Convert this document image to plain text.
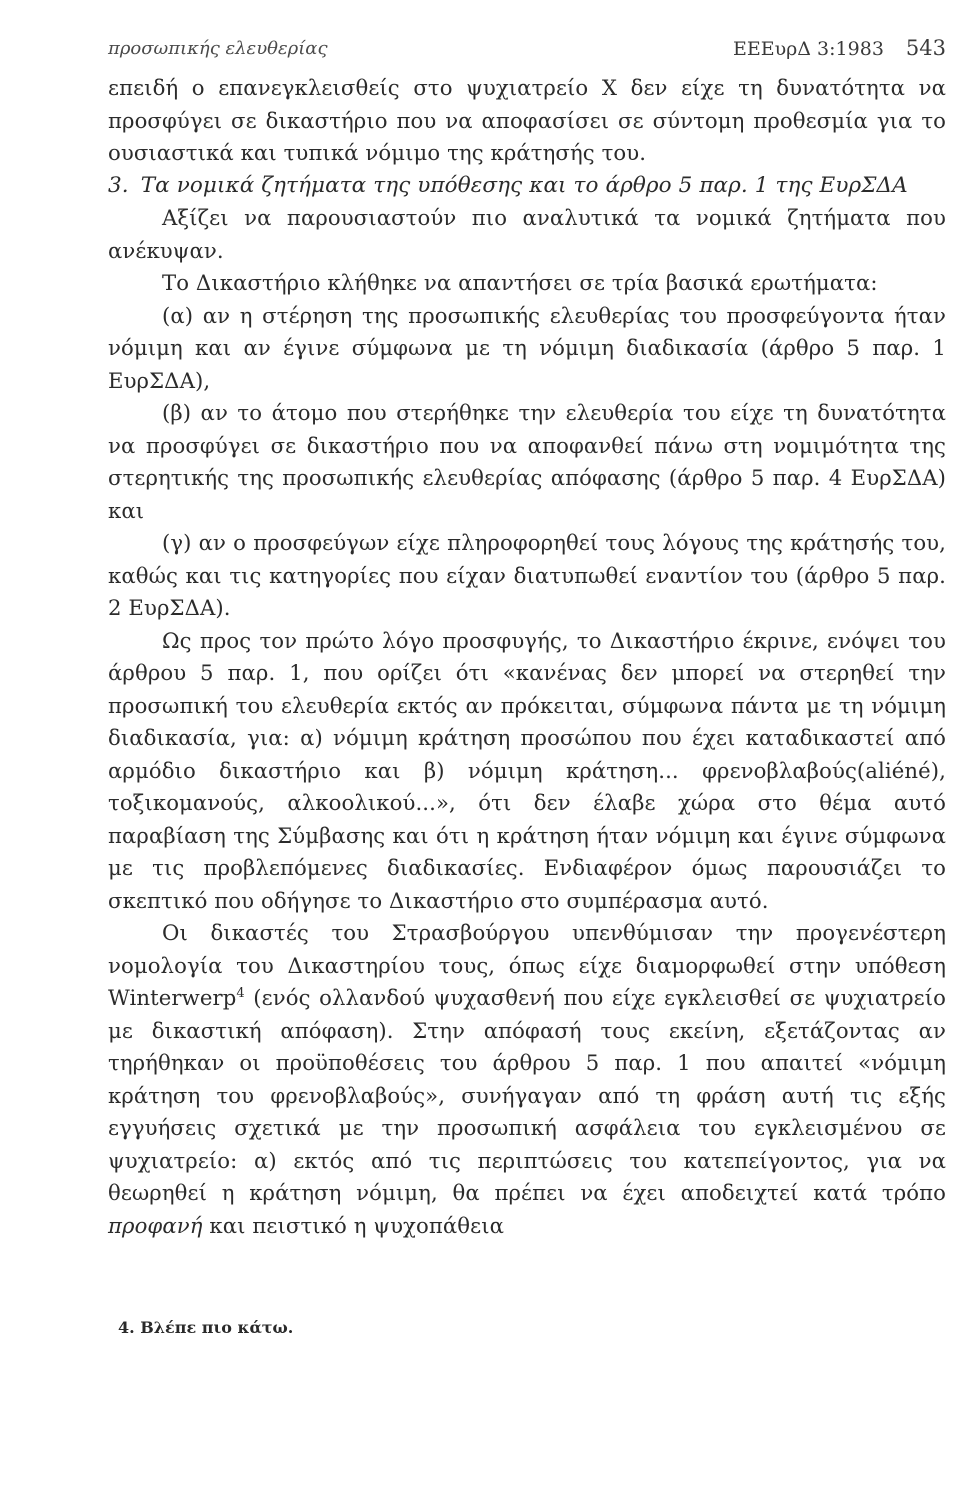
προσωπικής ελευθερίας	ΕΕΕυρΔ 3:1983 543

επειδή ο επανεγκλεισθείς στο ψυχιατρείο Χ δεν είχε τη δυνατότητα να προσφύγει σε δικαστήριο που να αποφασίσει σε σύντομη προθεσμία για το ουσιαστικά και τυπικά νόμιμο της κράτησής του.

3. Τα νομικά ζητήματα της υπόθεσης και το άρθρο 5 παρ. 1 της ΕυρΣΔΑ

Αξίζει να παρουσιαστούν πιο αναλυτικά τα νομικά ζητήματα που ανέκυψαν.

Το Δικαστήριο κλήθηκε να απαντήσει σε τρία βασικά ερωτήματα:

(α) αν η στέρηση της προσωπικής ελευθερίας του προσφεύγοντα ήταν νόμιμη και αν έγινε σύμφωνα με τη νόμιμη διαδικασία (άρθρο 5 παρ. 1 ΕυρΣΔΑ),

(β) αν το άτομο που στερήθηκε την ελευθερία του είχε τη δυνατότητα να προσφύγει σε δικαστήριο που να αποφανθεί πάνω στη νομιμότητα της στερητικής της προσωπικής ελευθερίας απόφασης (άρθρο 5 παρ. 4 ΕυρΣΔΑ) και

(γ) αν ο προσφεύγων είχε πληροφορηθεί τους λόγους της κράτησής του, καθώς και τις κατηγορίες που είχαν διατυπωθεί εναντίον του (άρθρο 5 παρ. 2 ΕυρΣΔΑ).

Ως προς τον πρώτο λόγο προσφυγής, το Δικαστήριο έκρινε, ενόψει του άρθρου 5 παρ. 1, που ορίζει ότι «κανένας δεν μπορεί να στερηθεί την προσωπική του ελευθερία εκτός αν πρόκειται, σύμφωνα πάντα με τη νόμιμη διαδικασία, για: α) νόμιμη κράτηση προσώπου που έχει καταδικαστεί από αρμόδιο δικαστήριο και β) νόμιμη κράτηση... φρενοβλαβούς(aliéné), τοξικομανούς, αλκοολικού...», ότι δεν έλαβε χώρα στο θέμα αυτό παραβίαση της Σύμβασης και ότι η κράτηση ήταν νόμιμη και έγινε σύμφωνα με τις προβλεπόμενες διαδικασίες. Ενδιαφέρον όμως παρουσιάζει το σκεπτικό που οδήγησε το Δικαστήριο στο συμπέρασμα αυτό.

Οι δικαστές του Στρασβούργου υπενθύμισαν την προγενέστερη νομολογία του Δικαστηρίου τους, όπως είχε διαμορφωθεί στην υπόθεση Winterwerp$^4$ (ενός ολλανδού ψυχασθενή που είχε εγκλεισθεί σε ψυχιατρείο με δικαστική απόφαση). Στην απόφασή τους εκείνη, εξετάζοντας αν τηρήθηκαν οι προϋποθέσεις του άρθρου 5 παρ. 1 που απαιτεί «νόμιμη κράτηση του φρενοβλαβούς», συνήγαγαν από τη φράση αυτή τις εξής εγγυήσεις σχετικά με την προσωπική ασφάλεια του εγκλεισμένου σε ψυχιατρείο: α) εκτός από τις περιπτώσεις του κατεπείγοντος, για να θεωρηθεί η κράτηση νόμιμη, θα πρέπει να έχει αποδειχτεί κατά τρόπο προφανή και πειστικό η ψυχοπάθεια

4. Βλέπε πιο κάτω.
